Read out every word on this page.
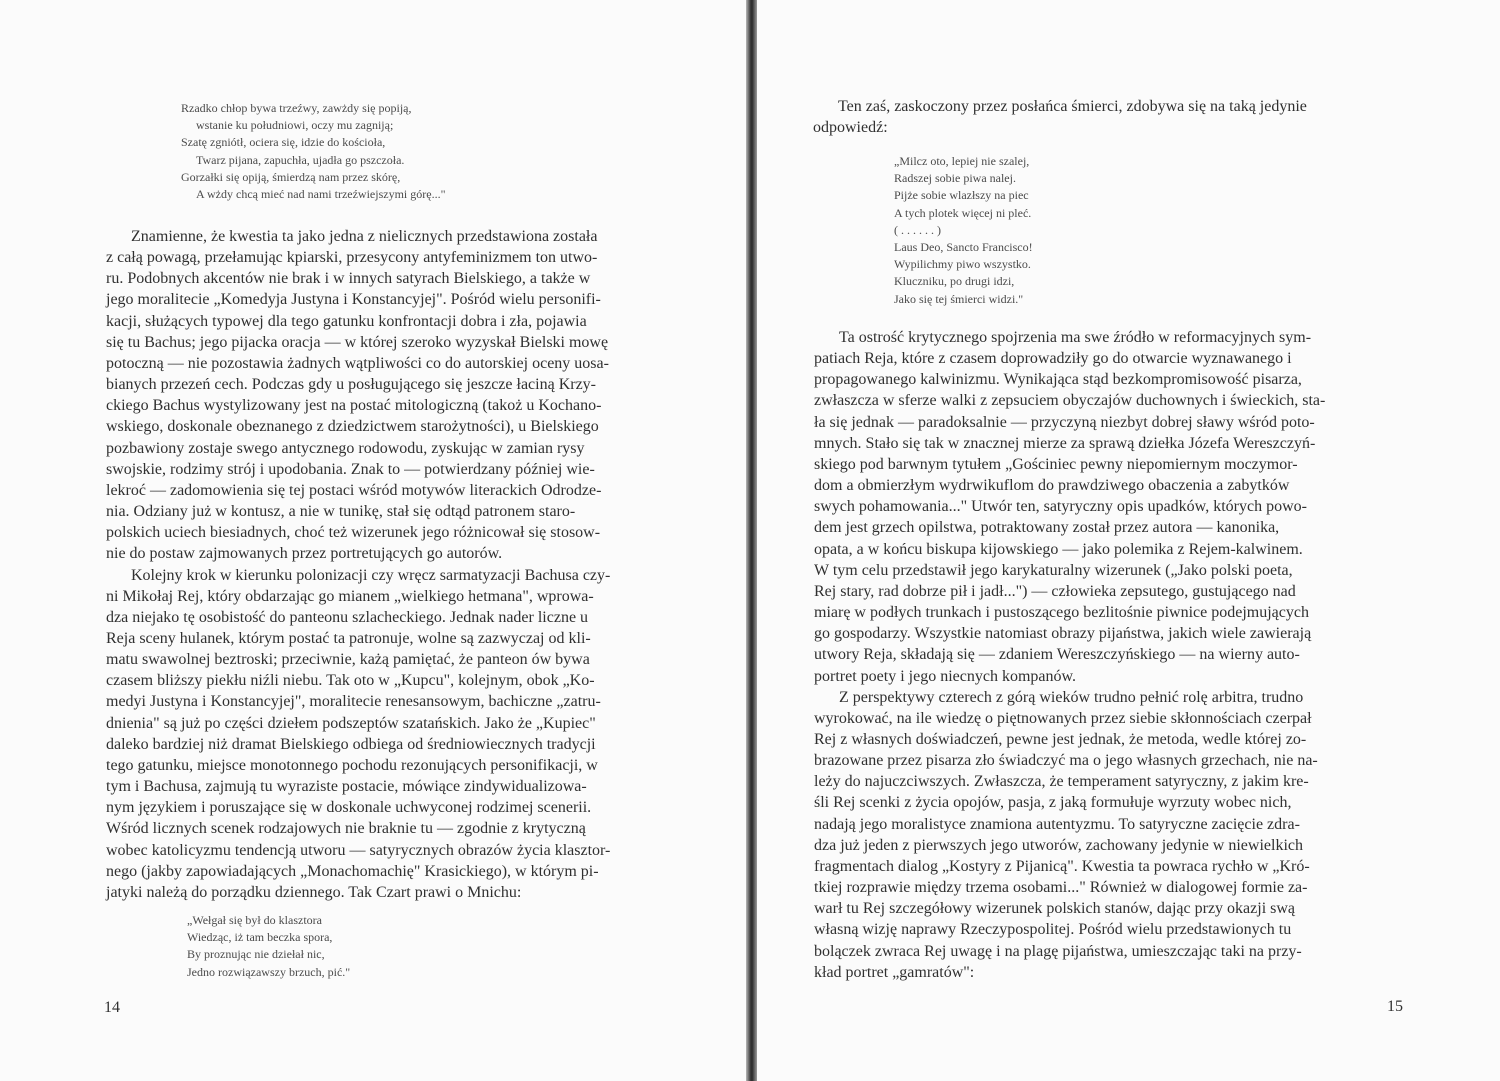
Rzadko chłop bywa trzeźwy, zawżdy się popiją,

wstanie ku południowi, oczy mu zagniją;

Szatę zgniótł, ociera się, idzie do kościoła,

Twarz pijana, zapuchła, ujadła go pszczoła.

Gorzałki się opiją, śmierdzą nam przez skórę,

A wżdy chcą mieć nad nami trzeźwiejszymi górę..."

Znamienne, że kwestia ta jako jedna z nielicznych przedstawiona została

z całą powagą, przełamując kpiarski, przesycony antyfeminizmem ton utwo-

ru. Podobnych akcentów nie brak i w innych satyrach Bielskiego, a także w

jego moralitecie „Komedyja Justyna i Konstancyjej". Pośród wielu personifi-

kacji, służących typowej dla tego gatunku konfrontacji dobra i zła, pojawia

się tu Bachus; jego pijacka oracja — w której szeroko wyzyskał Bielski mowę

potoczną — nie pozostawia żadnych wątpliwości co do autorskiej oceny uosa-

bianych przezeń cech. Podczas gdy u posługującego się jeszcze łaciną Krzy-

ckiego Bachus wystylizowany jest na postać mitologiczną (takoż u Kochano-

wskiego, doskonale obeznanego z dziedzictwem starożytności), u Bielskiego

pozbawiony zostaje swego antycznego rodowodu, zyskując w zamian rysy

swojskie, rodzimy strój i upodobania. Znak to — potwierdzany później wie-

lekroć — zadomowienia się tej postaci wśród motywów literackich Odrodze-

nia. Odziany już w kontusz, a nie w tunikę, stał się odtąd patronem staro-

polskich uciech biesiadnych, choć też wizerunek jego różnicował się stosow-

nie do postaw zajmowanych przez portretujących go autorów.

Kolejny krok w kierunku polonizacji czy wręcz sarmatyzacji Bachusa czy-

ni Mikołaj Rej, który obdarzając go mianem „wielkiego hetmana", wprowa-

dza niejako tę osobistość do panteonu szlacheckiego. Jednak nader liczne u

Reja sceny hulanek, którym postać ta patronuje, wolne są zazwyczaj od kli-

matu swawolnej beztroski; przeciwnie, każą pamiętać, że panteon ów bywa

czasem bliższy piekłu niźli niebu. Tak oto w „Kupcu", kolejnym, obok „Ko-

medyi Justyna i Konstancyjej", moralitecie renesansowym, bachiczne „zatru-

dnienia" są już po części dziełem podszeptów szatańskich. Jako że „Kupiec"

daleko bardziej niż dramat Bielskiego odbiega od średniowiecznych tradycji

tego gatunku, miejsce monotonnego pochodu rezonujących personifikacji, w

tym i Bachusa, zajmują tu wyraziste postacie, mówiące zindywidualizowa-

nym językiem i poruszające się w doskonale uchwyconej rodzimej scenerii.

Wśród licznych scenek rodzajowych nie braknie tu — zgodnie z krytyczną

wobec katolicyzmu tendencją utworu — satyrycznych obrazów życia klasztor-

nego (jakby zapowiadających „Monachomachię" Krasickiego), w którym pi-

jatyki należą do porządku dziennego. Tak Czart prawi o Mnichu:

„Wełgał się był do klasztora

Wiedząc, iż tam beczka spora,

By proznując nie dziełał nic,

Jedno rozwiązawszy brzuch, pić."

14

Ten zaś, zaskoczony przez posłańca śmierci, zdobywa się na taką jedynie

odpowiedź:

„Milcz oto, lepiej nie szalej,

Radszej sobie piwa nalej.

Pijże sobie wlazłszy na piec

A tych plotek więcej ni pleć.

( . . . . . . )

Laus Deo, Sancto Francisco!

Wypilichmy piwo wszystko.

Kluczniku, po drugi idzi,

Jako się tej śmierci widzi."

Ta ostrość krytycznego spojrzenia ma swe źródło w reformacyjnych sym-

patiach Reja, które z czasem doprowadziły go do otwarcie wyznawanego i

propagowanego kalwinizmu. Wynikająca stąd bezkompromisowość pisarza,

zwłaszcza w sferze walki z zepsuciem obyczajów duchownych i świeckich, sta-

ła się jednak — paradoksalnie — przyczyną niezbyt dobrej sławy wśród poto-

mnych. Stało się tak w znacznej mierze za sprawą dziełka Józefa Wereszczyń-

skiego pod barwnym tytułem „Gościniec pewny niepomiernym moczymor-

dom a obmierzłym wydrwikuflom do prawdziwego obaczenia a zabytków

swych pohamowania..." Utwór ten, satyryczny opis upadków, których powo-

dem jest grzech opilstwa, potraktowany został przez autora — kanonika,

opata, a w końcu biskupa kijowskiego — jako polemika z Rejem-kalwinem.

W tym celu przedstawił jego karykaturalny wizerunek („Jako polski poeta,

Rej stary, rad dobrze pił i jadł...") — człowieka zepsutego, gustującego nad

miarę w podłych trunkach i pustoszącego bezlitośnie piwnice podejmujących

go gospodarzy. Wszystkie natomiast obrazy pijaństwa, jakich wiele zawierają

utwory Reja, składają się — zdaniem Wereszczyńskiego — na wierny auto-

portret poety i jego niecnych kompanów.

Z perspektywy czterech z górą wieków trudno pełnić rolę arbitra, trudno

wyrokować, na ile wiedzę o piętnowanych przez siebie skłonnościach czerpał

Rej z własnych doświadczeń, pewne jest jednak, że metoda, wedle której zo-

brazowane przez pisarza zło świadczyć ma o jego własnych grzechach, nie na-

leży do najuczciwszych. Zwłaszcza, że temperament satyryczny, z jakim kre-

śli Rej scenki z życia opojów, pasja, z jaką formułuje wyrzuty wobec nich,

nadają jego moralistyce znamiona autentyzmu. To satyryczne zacięcie zdra-

dza już jeden z pierwszych jego utworów, zachowany jedynie w niewielkich

fragmentach dialog „Kostyry z Pijanicą". Kwestia ta powraca rychło w „Kró-

tkiej rozprawie między trzema osobami..." Również w dialogowej formie za-

warł tu Rej szczegółowy wizerunek polskich stanów, dając przy okazji swą

własną wizję naprawy Rzeczypospolitej. Pośród wielu przedstawionych tu

bolączek zwraca Rej uwagę i na plagę pijaństwa, umieszczając taki na przy-

kład portret „gamratów":

15
